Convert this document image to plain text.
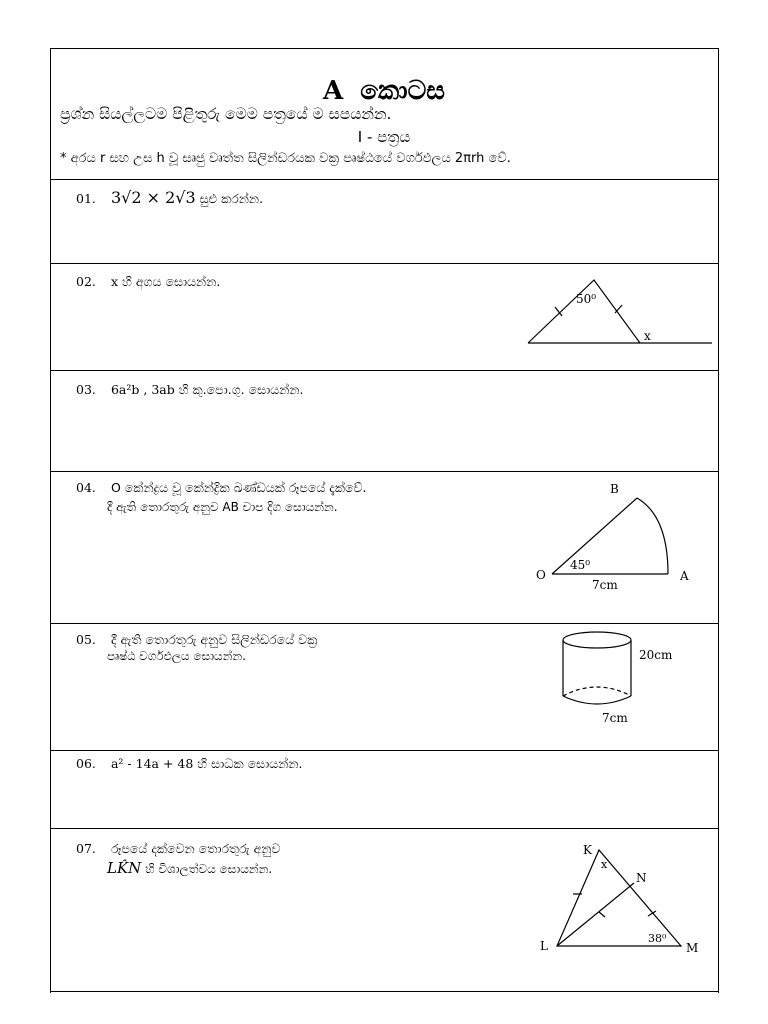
A කොටස
ප්‍රශ්න සියල්ලටම පිළිතුරු මෙම පත්‍රයේ ම සපයන්න.
I - පත්‍රය
* අරය r සහ උස h වූ සෘජු වෘත්ත සිලින්ඩරයක වක්‍ර පෘෂ්ඨයේ වර්ගඵලය 2πrh වේ.
01. 3√2 × 2√3 සුළු කරන්න.
02. x හි අගය සොයන්න.
50⁰
x
03. 6a²b , 3ab හි කු.පො.ගු. සොයන්න.
04. O කේන්ද්‍රය වූ කේන්ද්‍රික ඛණ්ඩයක් රූපයේ දැක්වේ.
දී ඇති තොරතුරු අනුව AB චාප දිග සොයන්න.
B
O	A
45⁰
7cm
05. දී ඇති තොරතුරු අනුව සිලින්ඩරයේ වක්‍ර
පෘෂ්ඨ වර්ගඵලය සොයන්න.	20cm
7cm
06. a² - 14a + 48 හි සාධක සොයන්න.
07. රූපයේ දක්වෙන තොරතුරු අනුව
LK̂N හි විශාලත්වය සොයන්න.
K
N
L	M
x
38⁰
